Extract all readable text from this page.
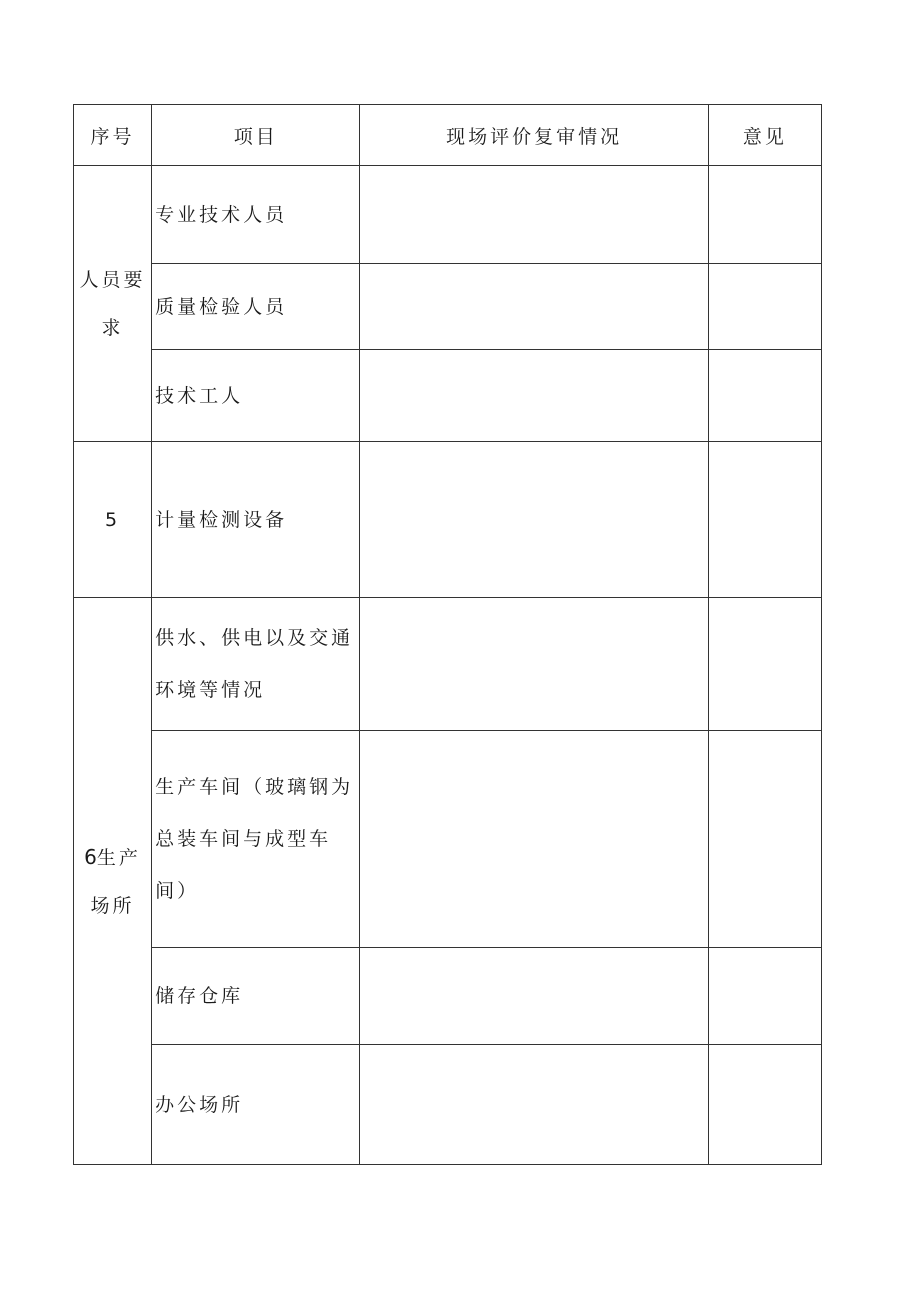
序号	项目	现场评价复审情况	意见
人员要求	专业技术人员		
	质量检验人员		
	技术工人		
5	计量检测设备		
6生产场所	供水、供电以及交通环境等情况		
	生产车间（玻璃钢为总装车间与成型车间）		
	储存仓库		
	办公场所		
